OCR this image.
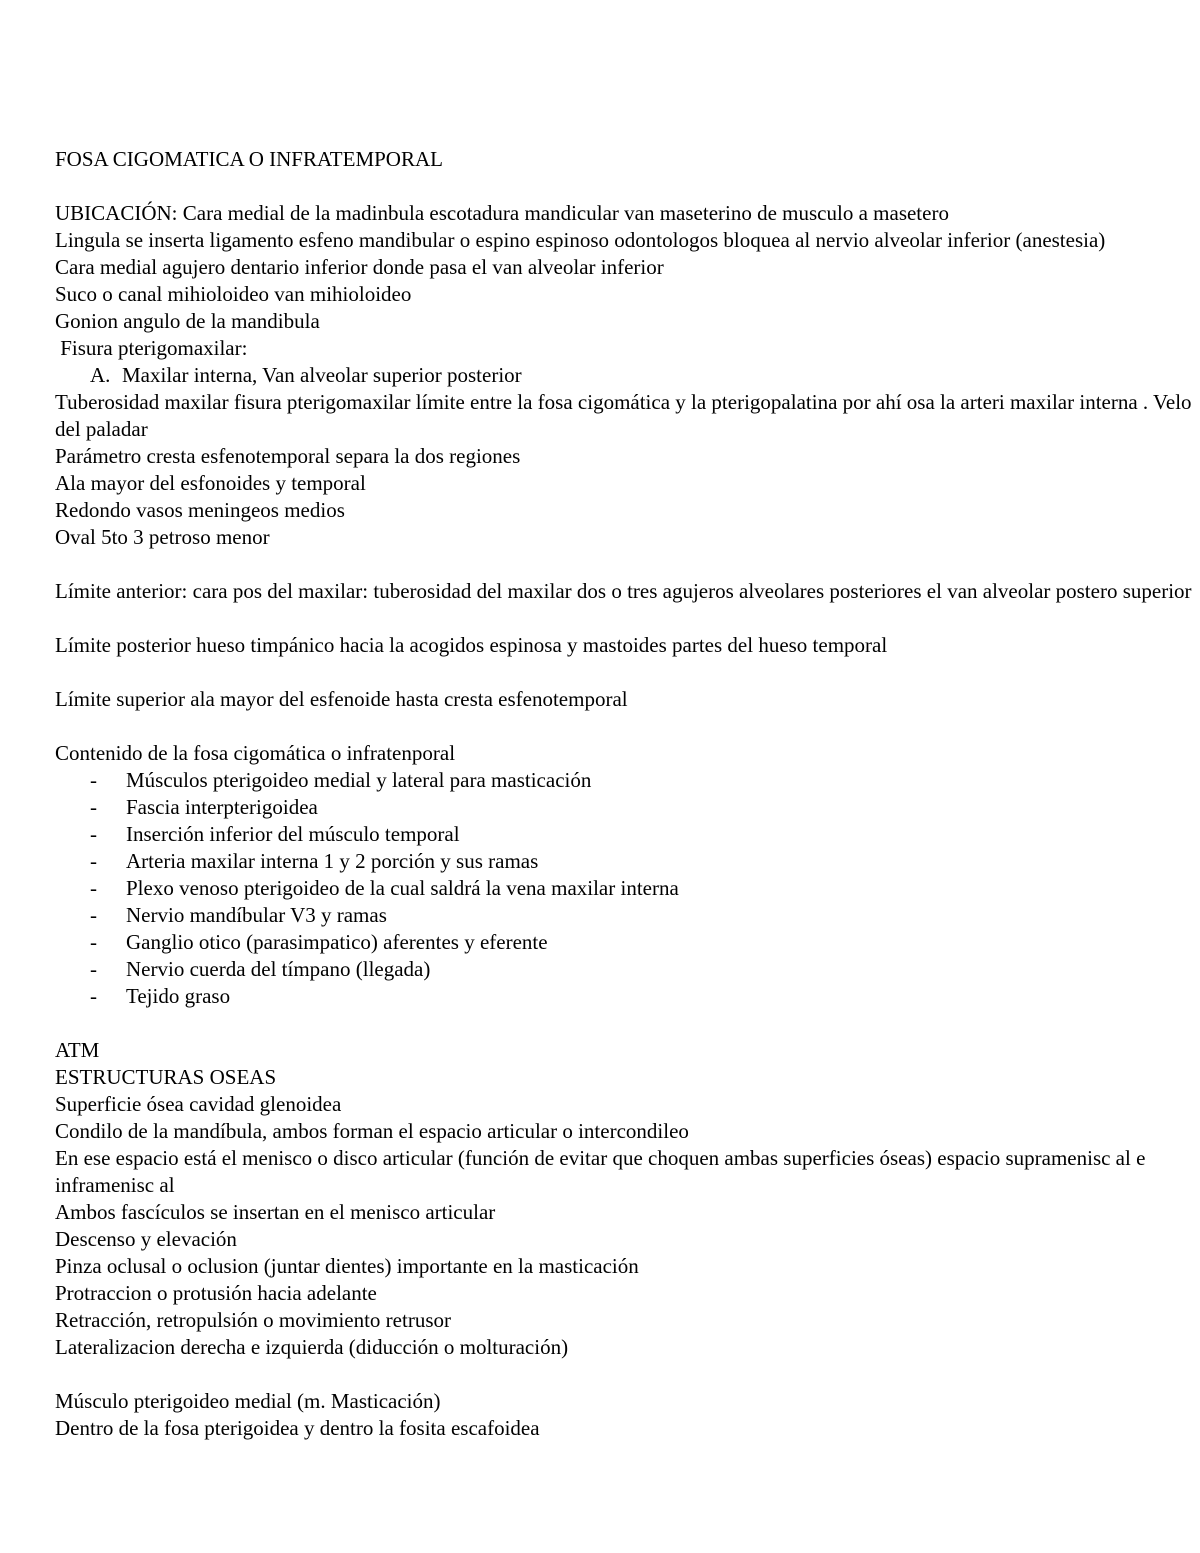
FOSA CIGOMATICA O INFRATEMPORAL

UBICACIÓN: Cara medial de la madinbula escotadura mandicular van maseterino de musculo a masetero

Lingula se inserta ligamento esfeno mandibular o espino espinoso odontologos bloquea al nervio alveolar inferior (anestesia)

Cara medial agujero dentario inferior donde pasa el van alveolar inferior

Suco o canal mihioloideo van mihioloideo

Gonion angulo de la mandibula

Fisura pterigomaxilar:

A. Maxilar interna, Van alveolar superior posterior

Tuberosidad maxilar fisura pterigomaxilar límite entre la fosa cigomática y la pterigopalatina por ahí osa la arteri maxilar interna . Velo del paladar

Parámetro cresta esfenotemporal separa la dos regiones

Ala mayor del esfonoides y temporal

Redondo vasos meningeos medios

Oval 5to 3 petroso menor

Límite anterior: cara pos del maxilar: tuberosidad del maxilar dos o tres agujeros alveolares posteriores el van alveolar postero superior

Límite posterior hueso timpánico hacia la acogidos espinosa y mastoides partes del hueso temporal

Límite superior ala mayor del esfenoide hasta cresta esfenotemporal

Contenido de la fosa cigomática o infratenporal

- Músculos pterigoideo medial y lateral para masticación
- Fascia interpterigoidea
- Inserción inferior del músculo temporal
- Arteria maxilar interna 1 y 2 porción y sus ramas
- Plexo venoso pterigoideo de la cual saldrá la vena maxilar interna
- Nervio mandíbular V3 y ramas
- Ganglio otico (parasimpatico) aferentes y eferente
- Nervio cuerda del tímpano (llegada)
- Tejido graso

ATM

ESTRUCTURAS OSEAS

Superficie ósea cavidad glenoidea

Condilo de la mandíbula, ambos forman el espacio articular o intercondileo

En ese espacio está el menisco o disco articular (función de evitar que choquen ambas superficies óseas) espacio supramenisc al e inframenisc al

Ambos fascículos se insertan en el menisco articular

Descenso y elevación

Pinza oclusal o oclusion (juntar dientes) importante en la masticación

Protraccion o protusión hacia adelante

Retracción, retropulsión o movimiento retrusor

Lateralizacion derecha e izquierda (diducción o molturación)

Músculo pterigoideo medial (m. Masticación)

Dentro de la fosa pterigoidea y dentro la fosita escafoidea
